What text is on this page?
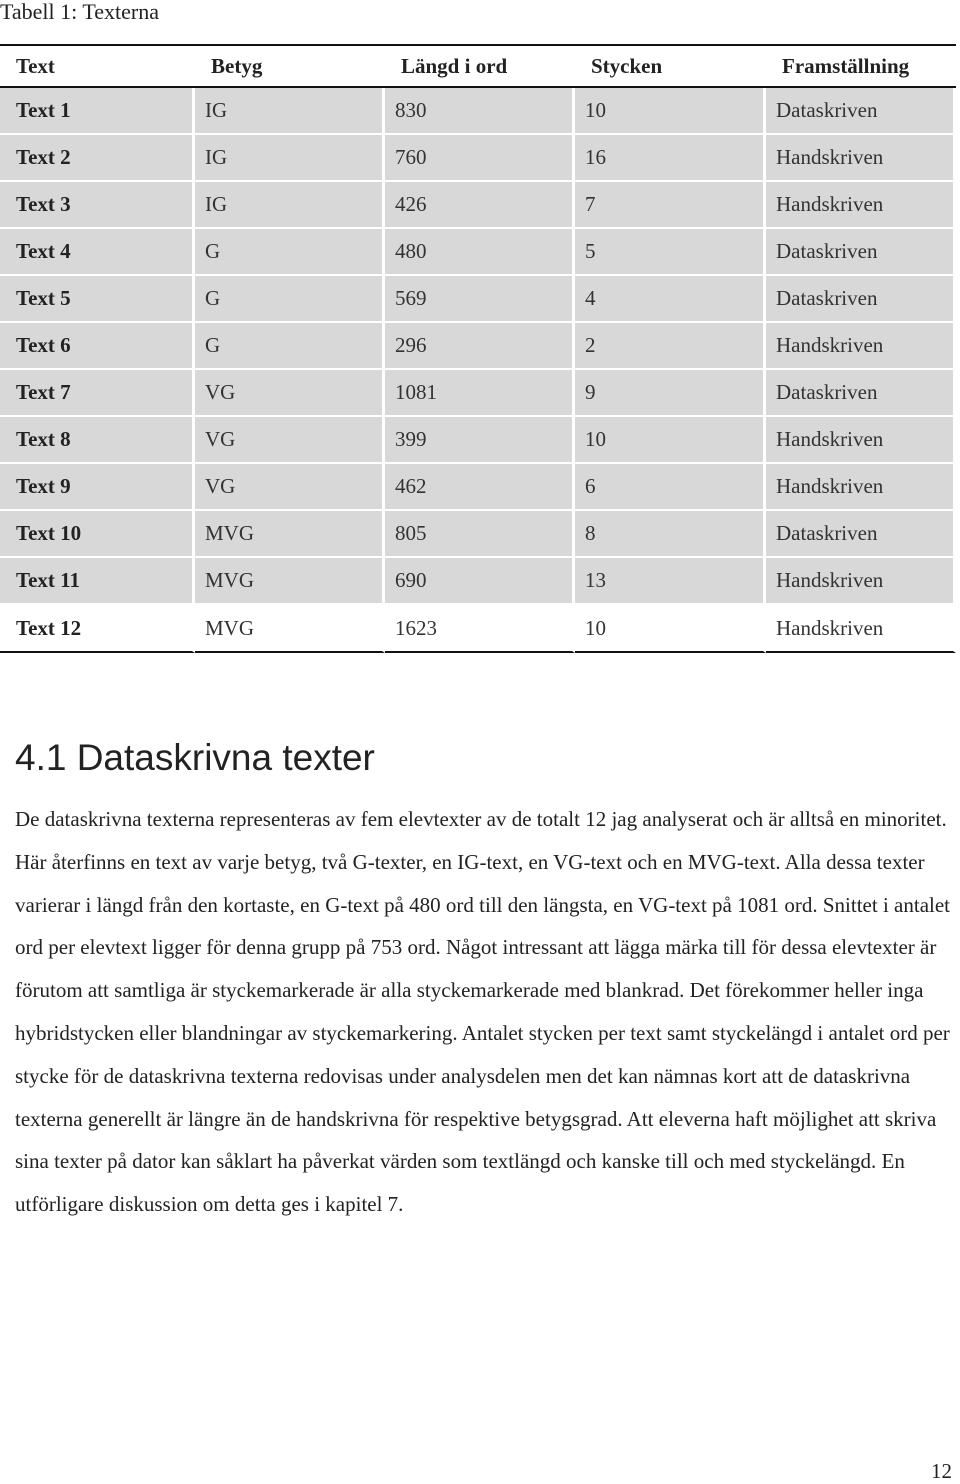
Tabell 1: Texterna

Text	Betyg	Längd i ord	Stycken	Framställning
Text 1	IG	830	10	Dataskriven
Text 2	IG	760	16	Handskriven
Text 3	IG	426	7	Handskriven
Text 4	G	480	5	Dataskriven
Text 5	G	569	4	Dataskriven
Text 6	G	296	2	Handskriven
Text 7	VG	1081	9	Dataskriven
Text 8	VG	399	10	Handskriven
Text 9	VG	462	6	Handskriven
Text 10	MVG	805	8	Dataskriven
Text 11	MVG	690	13	Handskriven
Text 12	MVG	1623	10	Handskriven
4.1 Dataskrivna texter

De dataskrivna texterna representeras av fem elevtexter av de totalt 12 jag analyserat och är alltså en minoritet. Här återfinns en text av varje betyg, två G-texter, en IG-text, en VG-text och en MVG-text. Alla dessa texter varierar i längd från den kortaste, en G-text på 480 ord till den längsta, en VG-text på 1081 ord. Snittet i antalet ord per elevtext ligger för denna grupp på 753 ord. Något intressant att lägga märka till för dessa elevtexter är förutom att samtliga är styckemarkerade är alla styckemarkerade med blankrad. Det förekommer heller inga hybridstycken eller blandningar av styckemarkering. Antalet stycken per text samt styckelängd i antalet ord per stycke för de dataskrivna texterna redovisas under analysdelen men det kan nämnas kort att de dataskrivna texterna generellt är längre än de handskrivna för respektive betygsgrad. Att eleverna haft möjlighet att skriva sina texter på dator kan såklart ha påverkat värden som textlängd och kanske till och med styckelängd. En utförligare diskussion om detta ges i kapitel 7.

12
